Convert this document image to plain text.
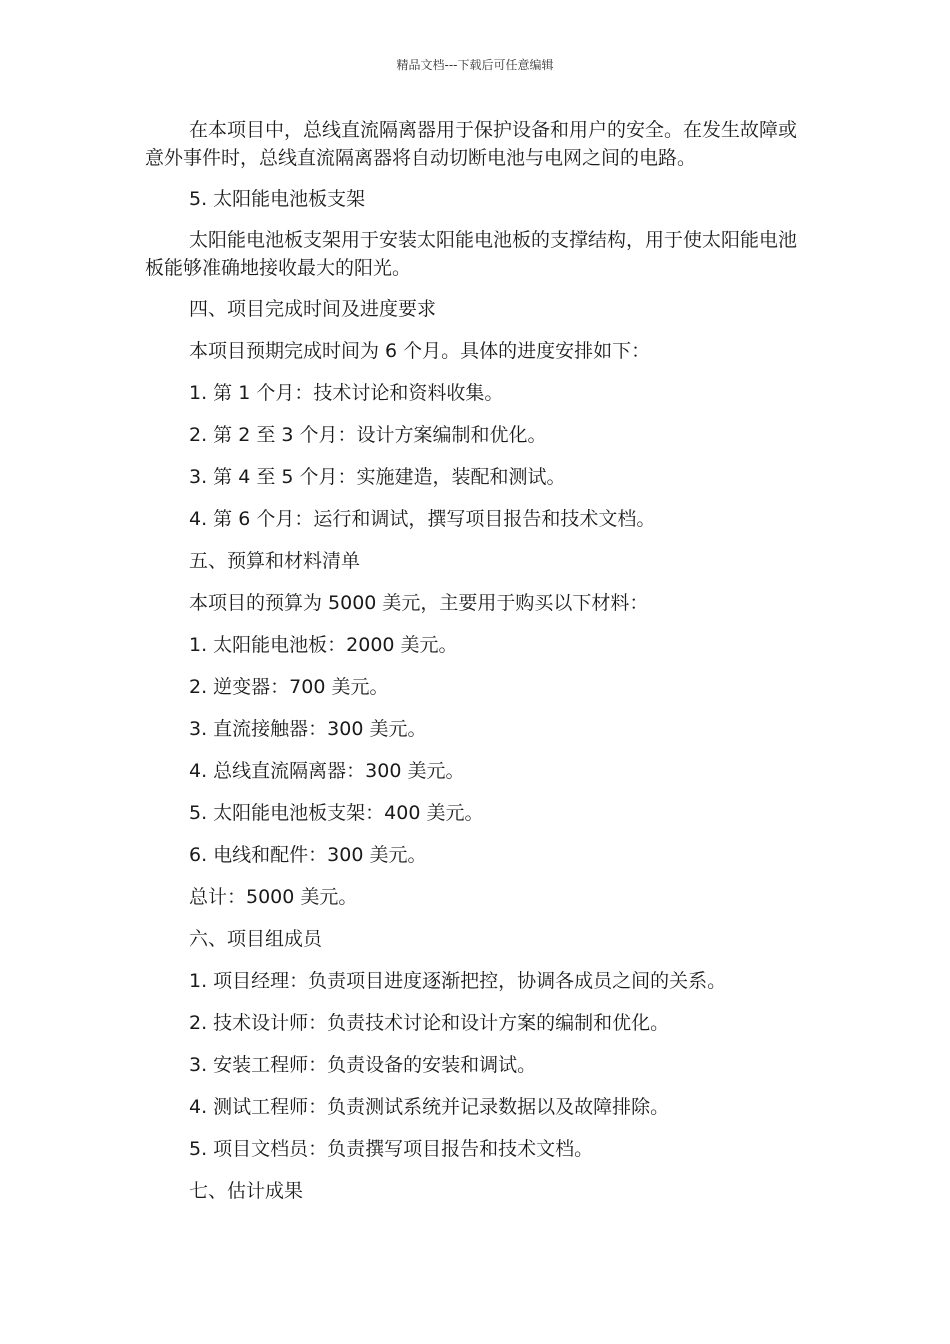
精品文档---下载后可任意编辑

在本项目中，总线直流隔离器用于保护设备和用户的安全。在发生故障或意外事件时，总线直流隔离器将自动切断电池与电网之间的电路。

5. 太阳能电池板支架

太阳能电池板支架用于安装太阳能电池板的支撑结构，用于使太阳能电池板能够准确地接收最大的阳光。

四、项目完成时间及进度要求

本项目预期完成时间为 6 个月。具体的进度安排如下：

1. 第 1 个月：技术讨论和资料收集。

2. 第 2 至 3 个月：设计方案编制和优化。

3. 第 4 至 5 个月：实施建造，装配和测试。

4. 第 6 个月：运行和调试，撰写项目报告和技术文档。

五、预算和材料清单

本项目的预算为 5000 美元，主要用于购买以下材料：

1. 太阳能电池板：2000 美元。

2. 逆变器：700 美元。

3. 直流接触器：300 美元。

4. 总线直流隔离器：300 美元。

5. 太阳能电池板支架：400 美元。

6. 电线和配件：300 美元。

总计：5000 美元。

六、项目组成员

1. 项目经理：负责项目进度逐渐把控，协调各成员之间的关系。

2. 技术设计师：负责技术讨论和设计方案的编制和优化。

3. 安装工程师：负责设备的安装和调试。

4. 测试工程师：负责测试系统并记录数据以及故障排除。

5. 项目文档员：负责撰写项目报告和技术文档。

七、估计成果
